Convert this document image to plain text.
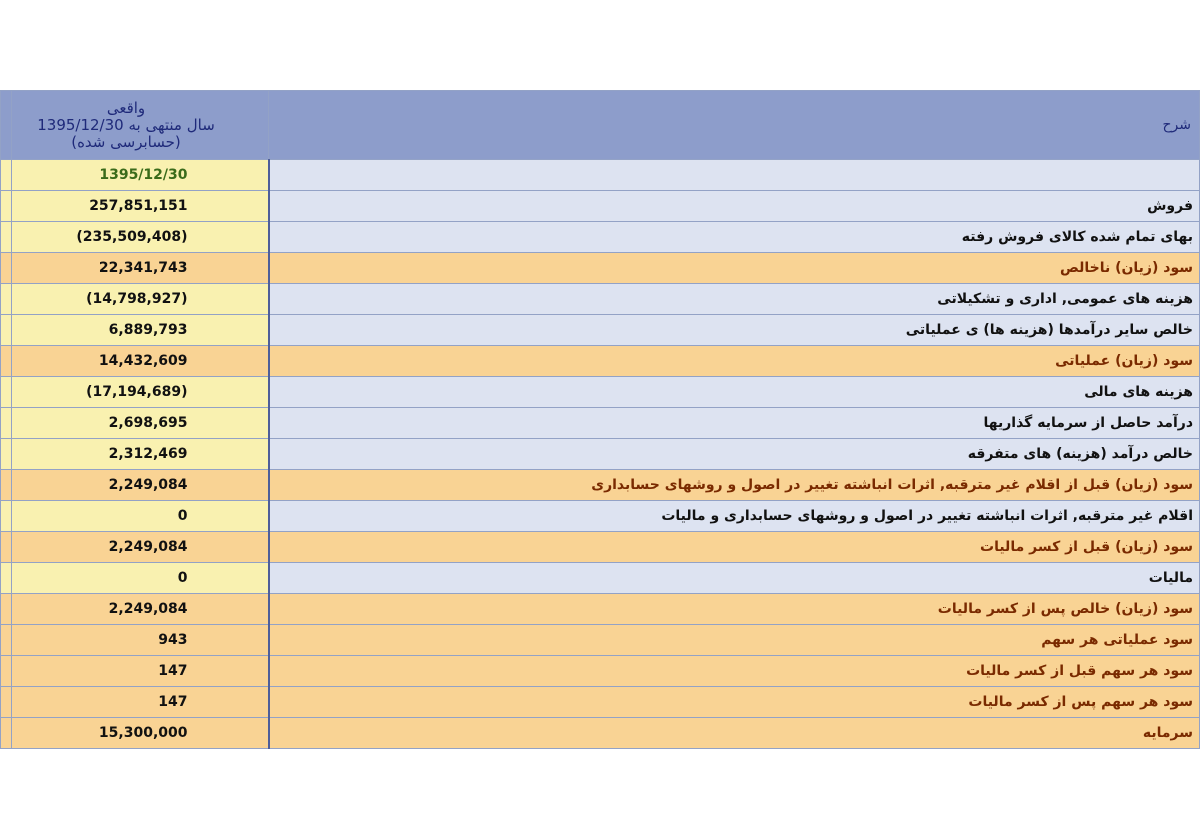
	واقعی
سال منتهی به 1395/12/30
(حسابرسی شده)	شرح
	1395/12/30	
	257,851,151	فروش
	(235,509,408)	بهای تمام شده کالای فروش رفته
	22,341,743	سود (زیان) ناخالص
	(14,798,927)	هزینه های عمومی, اداری و تشکیلاتی
	6,889,793	خالص سایر درآمدها (هزینه ها) ی عملیاتی
	14,432,609	سود (زیان) عملیاتی
	(17,194,689)	هزینه های مالی
	2,698,695	درآمد حاصل از سرمایه گذاریها
	2,312,469	خالص درآمد (هزینه) های متفرقه
	2,249,084	سود (زیان) قبل از اقلام غیر مترقبه, اثرات انباشته تغییر در اصول و روشهای حسابداری
	0	اقلام غیر مترقبه, اثرات انباشته تغییر در اصول و روشهای حسابداری و مالیات
	2,249,084	سود (زیان) قبل از کسر مالیات
	0	مالیات
	2,249,084	سود (زیان) خالص پس از کسر مالیات
	943	سود عملیاتی هر سهم
	147	سود هر سهم قبل از کسر مالیات
	147	سود هر سهم پس از کسر مالیات
	15,300,000	سرمایه
